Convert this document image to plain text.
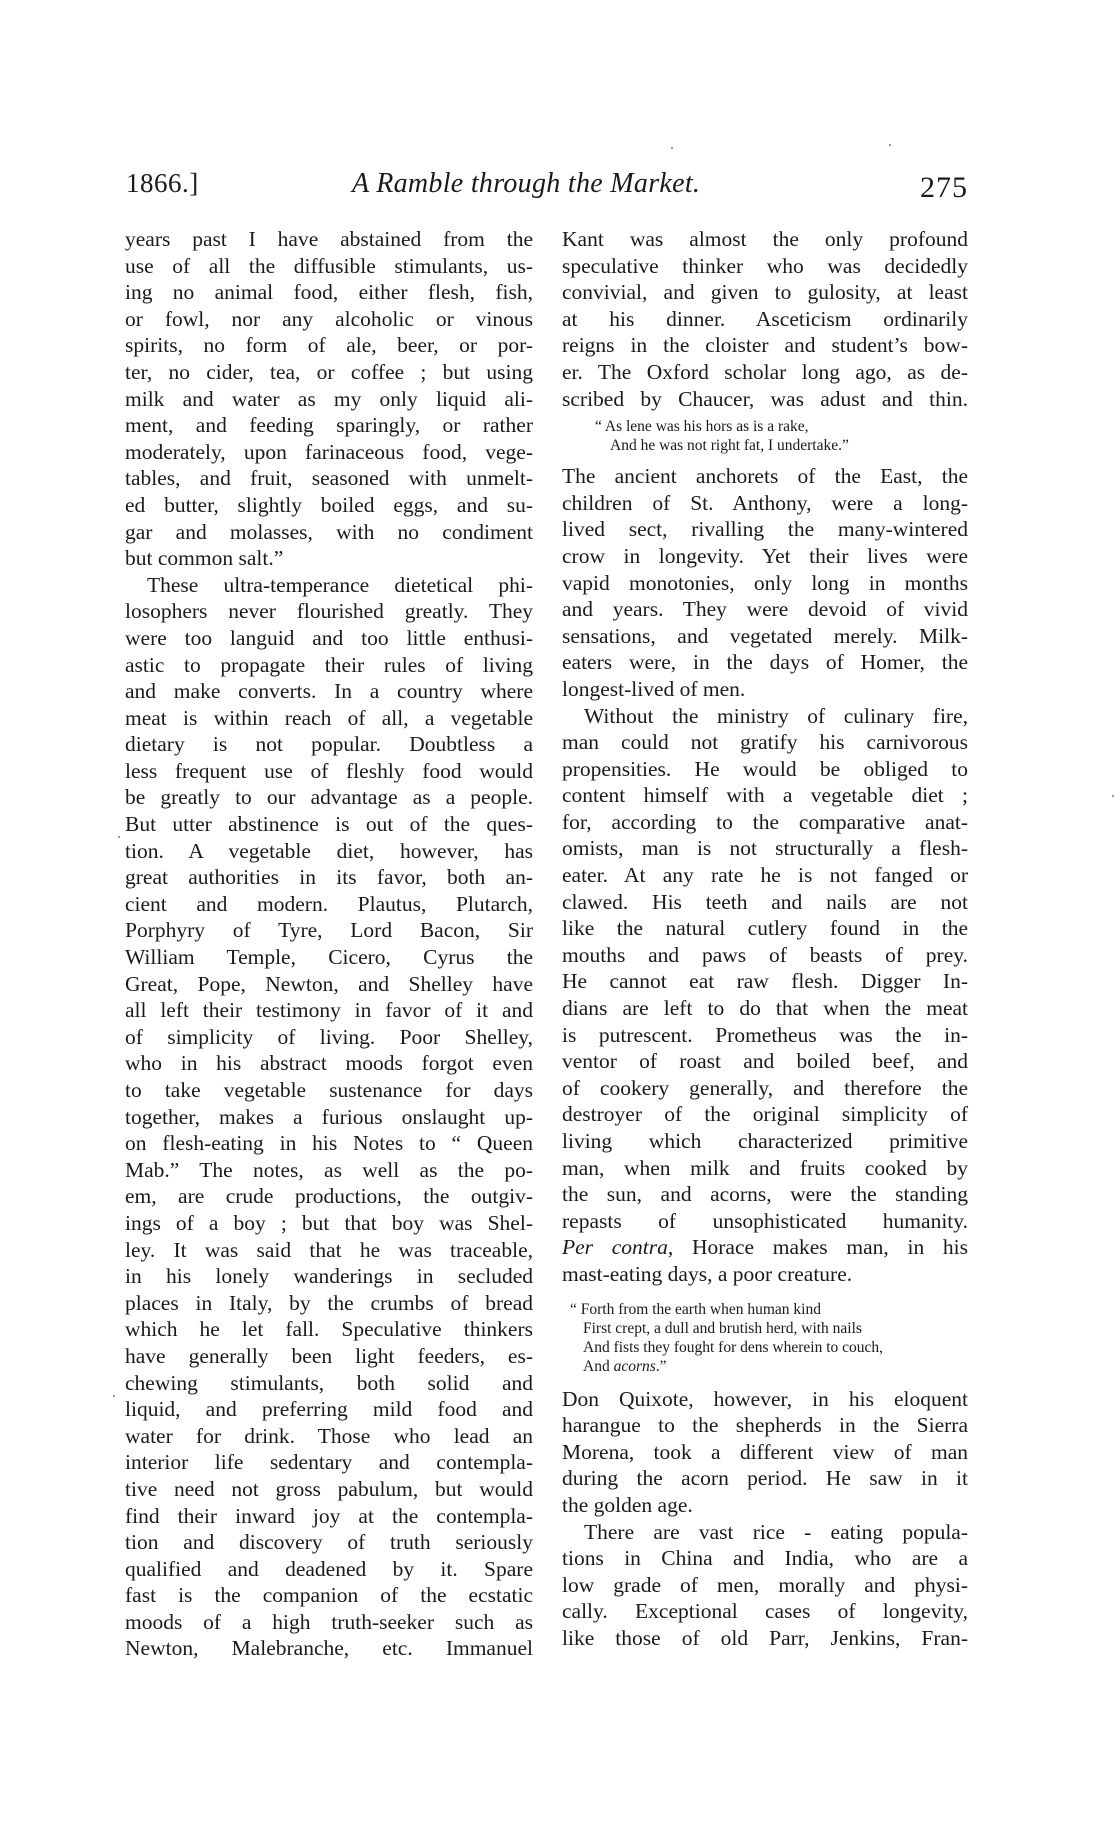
1866.]	A Ramble through the Market.	275
years past I have abstained from the
use of all the diffusible stimulants, us-
ing no animal food, either flesh, fish,
or fowl, nor any alcoholic or vinous
spirits, no form of ale, beer, or por-
ter, no cider, tea, or coffee ; but using
milk and water as my only liquid ali-
ment, and feeding sparingly, or rather
moderately, upon farinaceous food, vege-
tables, and fruit, seasoned with unmelt-
ed butter, slightly boiled eggs, and su-
gar and molasses, with no condiment
but common salt.”
These ultra-temperance dietetical phi-
losophers never flourished greatly. They
were too languid and too little enthusi-
astic to propagate their rules of living
and make converts. In a country where
meat is within reach of all, a vegetable
dietary is not popular. Doubtless a
less frequent use of fleshly food would
be greatly to our advantage as a people.
But utter abstinence is out of the ques-
tion. A vegetable diet, however, has
great authorities in its favor, both an-
cient and modern. Plautus, Plutarch,
Porphyry of Tyre, Lord Bacon, Sir
William Temple, Cicero, Cyrus the
Great, Pope, Newton, and Shelley have
all left their testimony in favor of it and
of simplicity of living. Poor Shelley,
who in his abstract moods forgot even
to take vegetable sustenance for days
together, makes a furious onslaught up-
on flesh-eating in his Notes to “ Queen
Mab.” The notes, as well as the po-
em, are crude productions, the outgiv-
ings of a boy ; but that boy was Shel-
ley. It was said that he was traceable,
in his lonely wanderings in secluded
places in Italy, by the crumbs of bread
which he let fall. Speculative thinkers
have generally been light feeders, es-
chewing stimulants, both solid and
liquid, and preferring mild food and
water for drink. Those who lead an
interior life sedentary and contempla-
tive need not gross pabulum, but would
find their inward joy at the contempla-
tion and discovery of truth seriously
qualified and deadened by it. Spare
fast is the companion of the ecstatic
moods of a high truth-seeker such as
Newton, Malebranche, etc. Immanuel
Kant was almost the only profound
speculative thinker who was decidedly
convivial, and given to gulosity, at least
at his dinner. Asceticism ordinarily
reigns in the cloister and student’s bow-
er. The Oxford scholar long ago, as de-
scribed by Chaucer, was adust and thin.
“ As lene was his hors as is a rake,
And he was not right fat, I undertake.”
The ancient anchorets of the East, the
children of St. Anthony, were a long-
lived sect, rivalling the many-wintered
crow in longevity. Yet their lives were
vapid monotonies, only long in months
and years. They were devoid of vivid
sensations, and vegetated merely. Milk-
eaters were, in the days of Homer, the
longest-lived of men.
Without the ministry of culinary fire,
man could not gratify his carnivorous
propensities. He would be obliged to
content himself with a vegetable diet ;
for, according to the comparative anat-
omists, man is not structurally a flesh-
eater. At any rate he is not fanged or
clawed. His teeth and nails are not
like the natural cutlery found in the
mouths and paws of beasts of prey.
He cannot eat raw flesh. Digger In-
dians are left to do that when the meat
is putrescent. Prometheus was the in-
ventor of roast and boiled beef, and
of cookery generally, and therefore the
destroyer of the original simplicity of
living which characterized primitive
man, when milk and fruits cooked by
the sun, and acorns, were the standing
repasts of unsophisticated humanity.
Per contra, Horace makes man, in his
mast-eating days, a poor creature.
“ Forth from the earth when human kind
First crept, a dull and brutish herd, with nails
And fists they fought for dens wherein to couch,
And acorns.”
Don Quixote, however, in his eloquent
harangue to the shepherds in the Sierra
Morena, took a different view of man
during the acorn period. He saw in it
the golden age.
There are vast rice - eating popula-
tions in China and India, who are a
low grade of men, morally and physi-
cally. Exceptional cases of longevity,
like those of old Parr, Jenkins, Fran-
